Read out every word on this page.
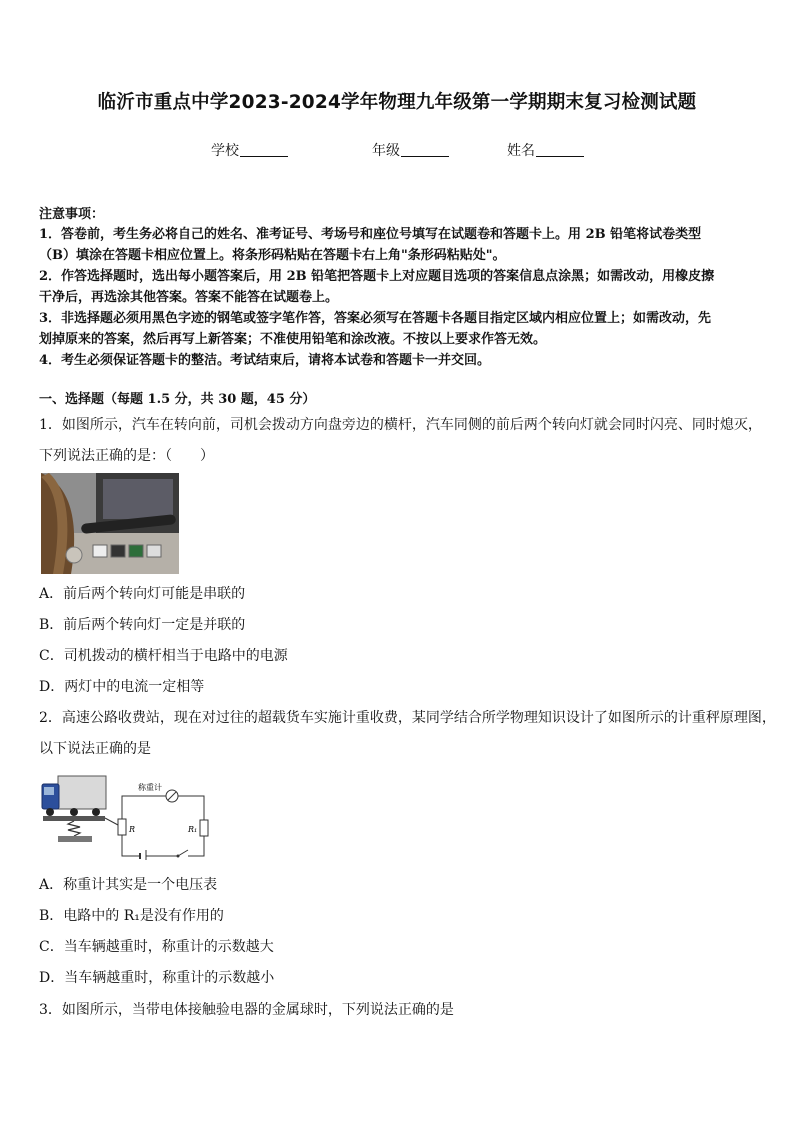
临沂市重点中学2023-2024学年物理九年级第一学期期末复习检测试题
学校	年级	姓名
注意事项：
1．答卷前，考生务必将自己的姓名、准考证号、考场号和座位号填写在试题卷和答题卡上。用 2B 铅笔将试卷类型
（B）填涂在答题卡相应位置上。将条形码粘贴在答题卡右上角"条形码粘贴处"。
2．作答选择题时，选出每小题答案后，用 2B 铅笔把答题卡上对应题目选项的答案信息点涂黑；如需改动，用橡皮擦
干净后，再选涂其他答案。答案不能答在试题卷上。
3．非选择题必须用黑色字迹的钢笔或签字笔作答，答案必须写在答题卡各题目指定区域内相应位置上；如需改动，先
划掉原来的答案，然后再写上新答案；不准使用铅笔和涂改液。不按以上要求作答无效。
4．考生必须保证答题卡的整洁。考试结束后，请将本试卷和答题卡一并交回。
一、选择题（每题 1.5 分，共 30 题，45 分）
1．如图所示，汽车在转向前，司机会拨动方向盘旁边的横杆，汽车同侧的前后两个转向灯就会同时闪亮、同时熄灭，
下列说法正确的是：（　　）
A．前后两个转向灯可能是串联的
B．前后两个转向灯一定是并联的
C．司机拨动的横杆相当于电路中的电源
D．两灯中的电流一定相等
2．高速公路收费站，现在对过往的超载货车实施计重收费，某同学结合所学物理知识设计了如图所示的计重秤原理图，
以下说法正确的是
称重计
R	R₁
A．称重计其实是一个电压表
B．电路中的 R₁是没有作用的
C．当车辆越重时，称重计的示数越大
D．当车辆越重时，称重计的示数越小
3．如图所示，当带电体接触验电器的金属球时，下列说法正确的是
